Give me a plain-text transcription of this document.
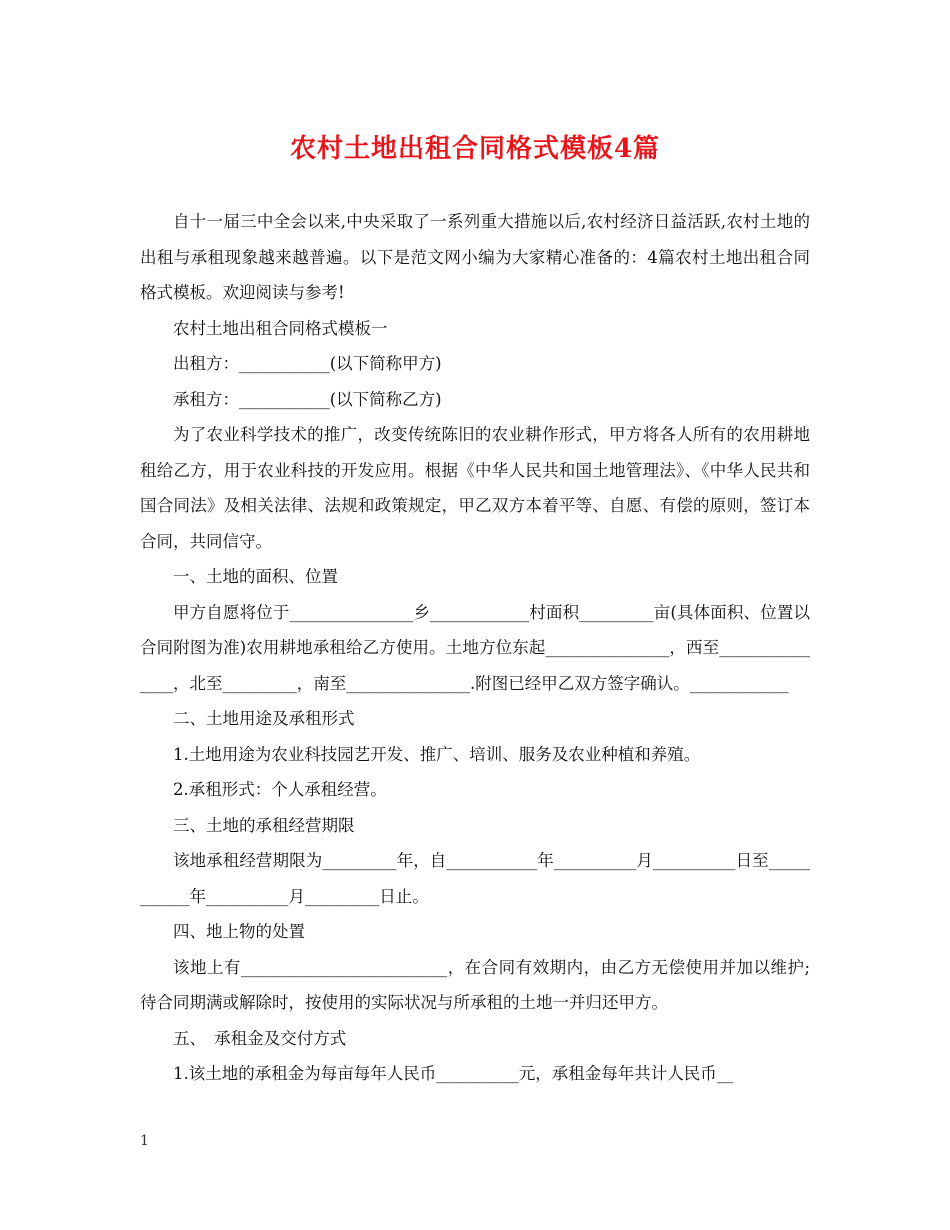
农村土地出租合同格式模板4篇

自十一届三中全会以来,中央采取了一系列重大措施以后,农村经济日益活跃,农村土地的出租与承租现象越来越普遍。以下是范文网小编为大家精心准备的：4篇农村土地出租合同格式模板。欢迎阅读与参考!

农村土地出租合同格式模板一

出租方：___________(以下简称甲方)

承租方：___________(以下简称乙方)

为了农业科学技术的推广，改变传统陈旧的农业耕作形式，甲方将各人所有的农用耕地租给乙方，用于农业科技的开发应用。根据《中华人民共和国土地管理法》、《中华人民共和国合同法》及相关法律、法规和政策规定，甲乙双方本着平等、自愿、有偿的原则，签订本合同，共同信守。

一、土地的面积、位置

甲方自愿将位于_______________乡____________村面积_________亩(具体面积、位置以合同附图为准)农用耕地承租给乙方使用。土地方位东起_______________，西至_______________，北至_________，南至_______________.附图已经甲乙双方签字确认。____________

二、土地用途及承租形式

1.土地用途为农业科技园艺开发、推广、培训、服务及农业种植和养殖。

2.承租形式：个人承租经营。

三、土地的承租经营期限

该地承租经营期限为_________年，自___________年__________月__________日至___________年__________月_________日止。

四、地上物的处置

该地上有_________________________，在合同有效期内，由乙方无偿使用并加以维护;待合同期满或解除时，按使用的实际状况与所承租的土地一并归还甲方。

五、　承租金及交付方式

1.该土地的承租金为每亩每年人民币__________元，承租金每年共计人民币__

1
